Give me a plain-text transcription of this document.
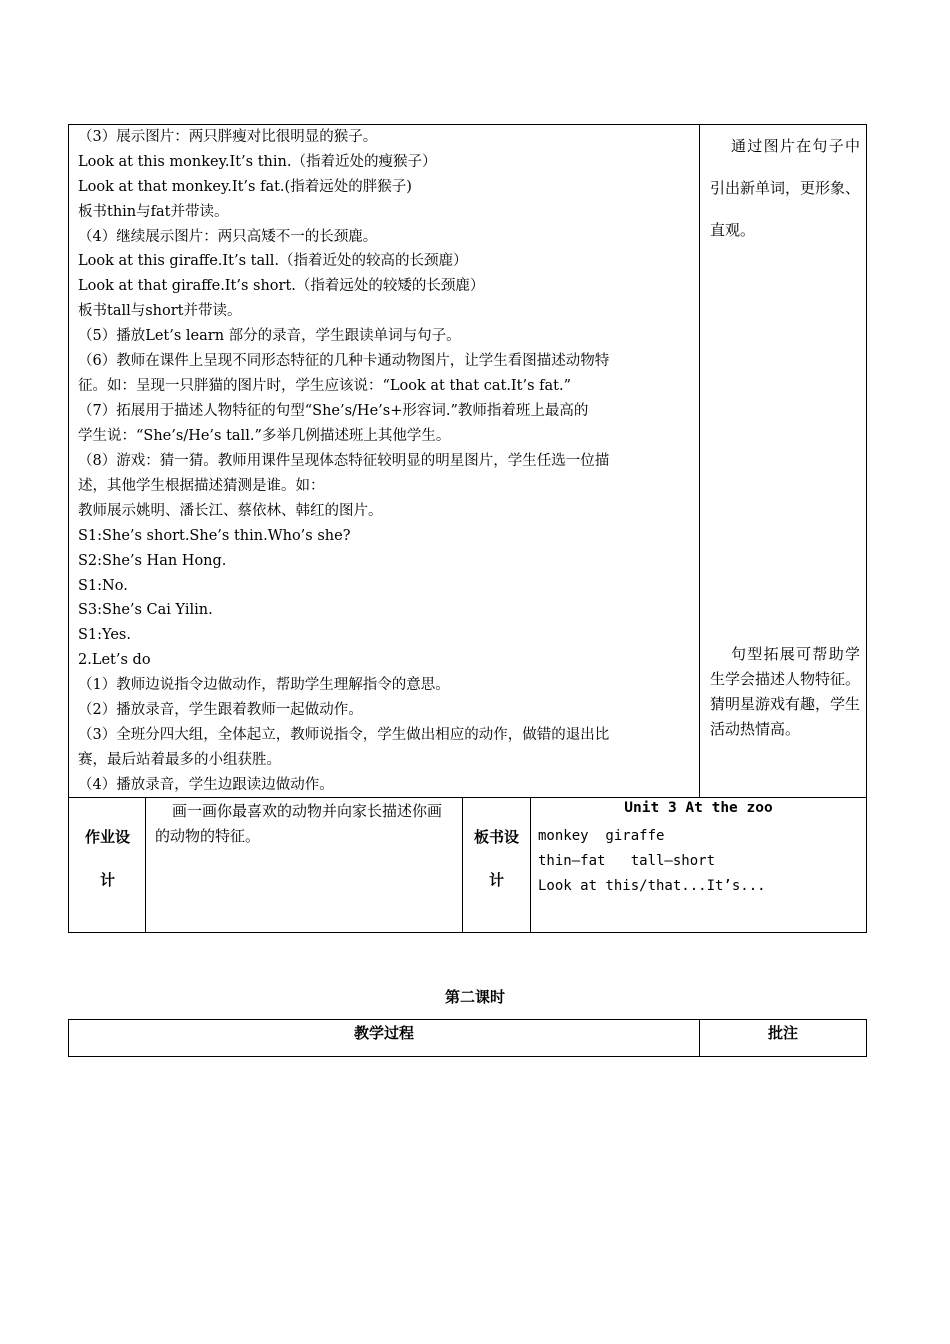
（3）展示图片：两只胖瘦对比很明显的猴子。
Look at this monkey.It’s thin.（指着近处的瘦猴子）
Look at that monkey.It’s fat.(指着远处的胖猴子)
板书thin与fat并带读。
（4）继续展示图片：两只高矮不一的长颈鹿。
Look at this giraffe.It’s tall.（指着近处的较高的长颈鹿）
Look at that giraffe.It’s short.（指着远处的较矮的长颈鹿）
板书tall与short并带读。
（5）播放Let’s learn 部分的录音，学生跟读单词与句子。
（6）教师在课件上呈现不同形态特征的几种卡通动物图片，让学生看图描述动物特
征。如：呈现一只胖猫的图片时，学生应该说：“Look at that cat.It’s fat.”
（7）拓展用于描述人物特征的句型“She’s/He’s+形容词.”教师指着班上最高的
学生说：“She’s/He’s tall.”多举几例描述班上其他学生。
（8）游戏：猜一猜。教师用课件呈现体态特征较明显的明星图片，学生任选一位描
述，其他学生根据描述猜测是谁。如：
教师展示姚明、潘长江、蔡依林、韩红的图片。
S1:She’s short.She’s thin.Who’s she?
S2:She’s Han Hong.
S1:No.
S3:She’s Cai Yilin.
S1:Yes.
2.Let’s do
（1）教师边说指令边做动作，帮助学生理解指令的意思。
（2）播放录音，学生跟着教师一起做动作。
（3）全班分四大组，全体起立，教师说指令，学生做出相应的动作，做错的退出比
赛，最后站着最多的小组获胜。
（4）播放录音，学生边跟读边做动作。
通过图片在句子中引出新单词，更形象、直观。
句型拓展可帮助学生学会描述人物特征。猜明星游戏有趣，学生活动热情高。
作业设
计
画一画你最喜欢的动物并向家长描述你画的动物的特征。	板书设
计
Unit 3 At the zoo
monkey  giraffe
thin—fat   tall—short
Look at this/that...It’s...
第二课时
教学过程	批注
